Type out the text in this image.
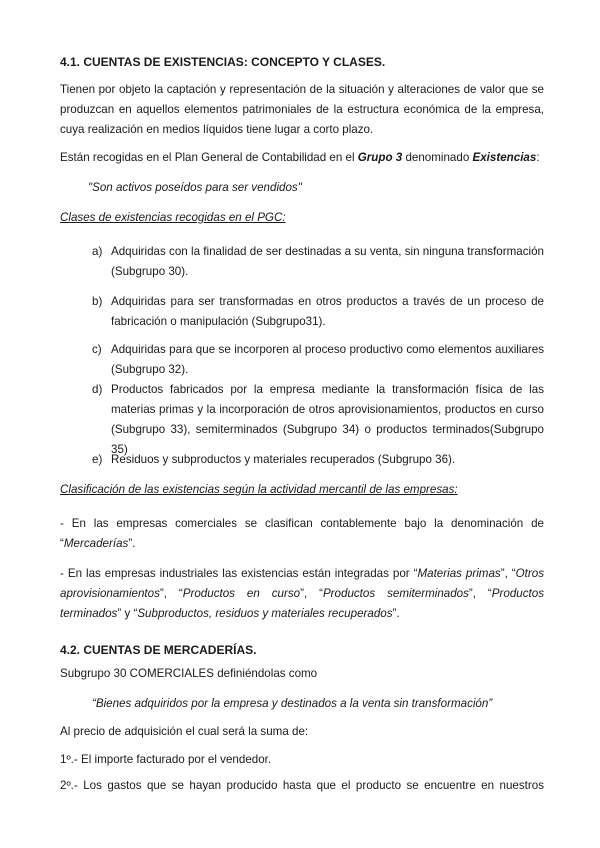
4.1. CUENTAS DE EXISTENCIAS: CONCEPTO Y CLASES.
Tienen por objeto la captación y representación de la situación y alteraciones de valor que se produzcan en aquellos elementos patrimoniales de la estructura económica de la empresa, cuya realización en medios líquidos tiene lugar a corto plazo.
Están recogidas en el Plan General de Contabilidad en el Grupo 3 denominado Existencias:
"Son activos poseídos para ser vendidos"
Clases de existencias recogidas en el PGC:
a) Adquiridas con la finalidad de ser destinadas a su venta, sin ninguna transformación (Subgrupo 30).
b) Adquiridas para ser transformadas en otros productos a través de un proceso de fabricación o manipulación (Subgrupo31).
c) Adquiridas para que se incorporen al proceso productivo como elementos auxiliares (Subgrupo 32).
d) Productos fabricados por la empresa mediante la transformación física de las materias primas y la incorporación de otros aprovisionamientos, productos en curso (Subgrupo 33), semiterminados (Subgrupo 34) o productos terminados(Subgrupo 35)
e) Residuos y subproductos y materiales recuperados (Subgrupo 36).
Clasificación de las existencias según la actividad mercantil de las empresas:
- En las empresas comerciales se clasifican contablemente bajo la denominación de “Mercaderías”.
- En las empresas industriales las existencias están integradas por “Materias primas”, “Otros aprovisionamientos”, “Productos en curso”, “Productos semiterminados”, “Productos terminados” y “Subproductos, residuos y materiales recuperados”.
4.2. CUENTAS DE MERCADERÍAS.
Subgrupo 30 COMERCIALES definiéndolas como
“Bienes adquiridos por la empresa y destinados a la venta sin transformación”
Al precio de adquisición el cual será la suma de:
1º.- El importe facturado por el vendedor.
2º.- Los gastos que se hayan producido hasta que el producto se encuentre en nuestros
